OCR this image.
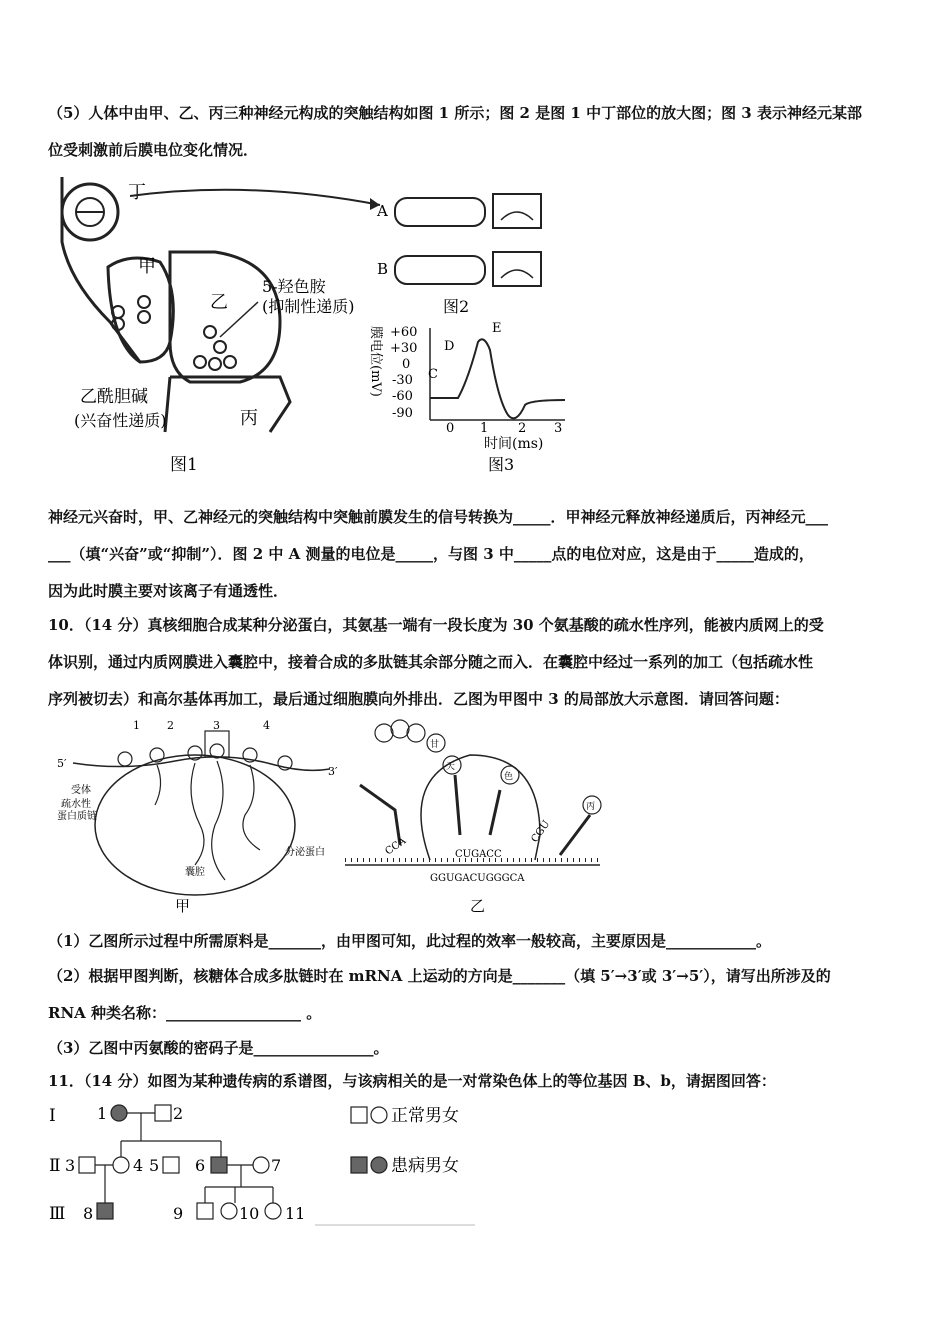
（5）人体中由甲、乙、丙三种神经元构成的突触结构如图 1 所示；图 2 是图 1 中丁部位的放大图；图 3 表示神经元某部
位受刺激前后膜电位变化情况．
丁
甲
乙
丙
5-羟色胺
(抑制性递质)
乙酰胆碱
(兴奋性递质)
图1
A
B
图2
膜电位(mV) +60
+30
0
-30
-60
-90
C
D
E
0 1 2 3
时间(ms)
图3
神经元兴奋时，甲、乙神经元的突触结构中突触前膜发生的信号转换为_____．甲神经元释放神经递质后，丙神经元___
___（填“兴奋”或“抑制”）．图 2 中 A 测量的电位是_____，与图 3 中_____点的电位对应，这是由于_____造成的，
因为此时膜主要对该离子有通透性．
10．（14 分）真核细胞合成某种分泌蛋白，其氨基一端有一段长度为 30 个氨基酸的疏水性序列，能被内质网上的受
体识别，通过内质网膜进入囊腔中，接着合成的多肽链其余部分随之而入．在囊腔中经过一系列的加工（包括疏水性
序列被切去）和高尔基体再加工，最后通过细胞膜向外排出．乙图为甲图中 3 的局部放大示意图．请回答问题：
1 2	3	4
5′
3′
受体
疏水性
蛋白质链
分泌蛋白
囊腔
甲
甘
天
色
丙
CCA	CUGACC
CGU
GGUGACUGGGCA
乙
（1）乙图所示过程中所需原料是_______，由甲图可知，此过程的效率一般较高，主要原因是____________。
（2）根据甲图判断，核糖体合成多肽链时在 mRNA 上运动的方向是_______（填 5′→3′或 3′→5′），请写出所涉及的
RNA 种类名称：__________________ 。
（3）乙图中丙氨酸的密码子是________________。
11．（14 分）如图为某种遗传病的系谱图，与该病相关的是一对常染色体上的等位基因 B、b，请据图回答：
Ⅰ
Ⅱ
Ⅲ
1	2
3	4 5 6	7
8	9	10 11
正常男女
患病男女
